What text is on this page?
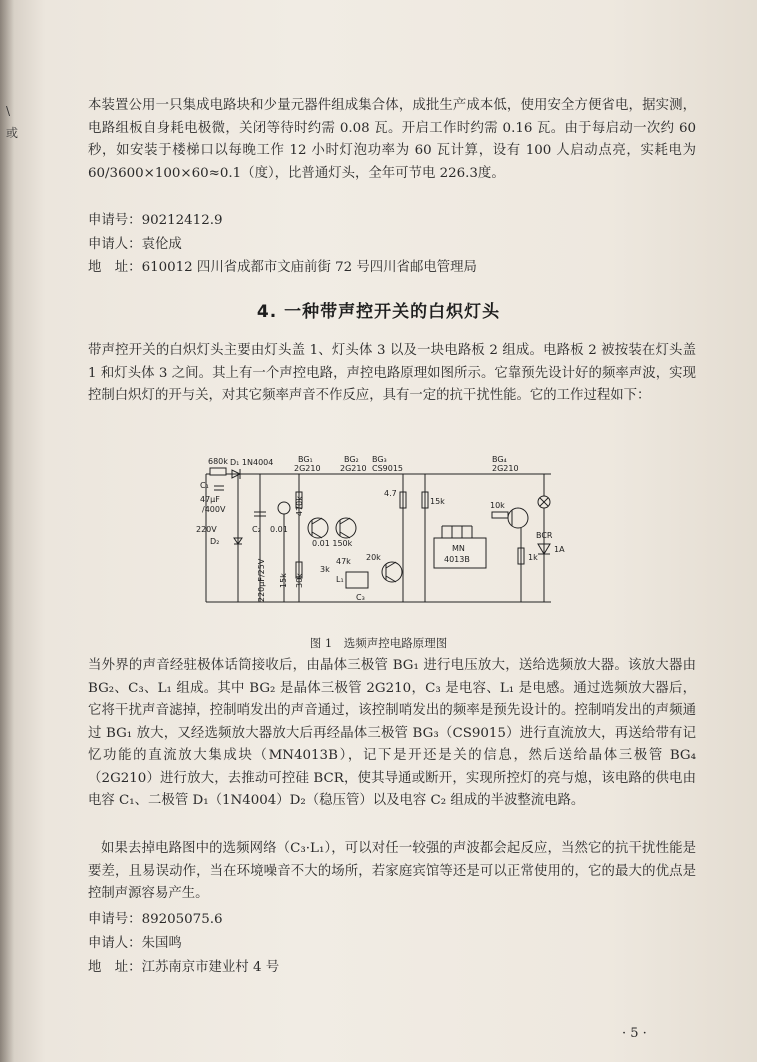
\
或

本装置公用一只集成电路块和少量元器件组成集合体，成批生产成本低，使用安全方便省电，据实测，电路组板自身耗电极微，关闭等待时约需 0.08 瓦。开启工作时约需 0.16 瓦。由于每启动一次约 60 秒，如安装于楼梯口以每晚工作 12 小时灯泡功率为 60 瓦计算，设有 100 人启动点亮，实耗电为 60/3600×100×60≈0.1（度），比普通灯头，全年可节电 226.3度。

申请号：90212412.9
申请人：袁伦成
地　址：610012 四川省成都市文庙前街 72 号四川省邮电管理局
4. 一种带声控开关的白炽灯头

带声控开关的白炽灯头主要由灯头盖 1、灯头体 3 以及一块电路板 2 组成。电路板 2 被按装在灯头盖 1 和灯头体 3 之间。其上有一个声控电路，声控电路原理如图所示。它靠预先设计好的频率声波，实现控制白炽灯的开与关，对其它频率声音不作反应，具有一定的抗干扰性能。它的工作过程如下：

680k D₁ 1N4004
C₁
47μF
/400V
220V
D₂
C₂
220μF/25V
BG₁
2G210
BG₂
2G210
BG₃
CS9015
BG₄
2G210
0.01
470k
0.01 150k
47k 20k
3k
30k
15k
4.7
15k
L₁
C₃
MN
4013B
10k
1k
BCR
1A
图 1　选频声控电路原理图

当外界的声音经驻极体话筒接收后，由晶体三极管 BG₁ 进行电压放大，送给选频放大器。该放大器由 BG₂、C₃、L₁ 组成。其中 BG₂ 是晶体三极管 2G210，C₃ 是电容、L₁ 是电感。通过选频放大器后，它将干扰声音滤掉，控制哨发出的声音通过，该控制哨发出的频率是预先设计的。控制哨发出的声频通过 BG₁ 放大，又经选频放大器放大后再经晶体三极管 BG₃（CS9015）进行直流放大，再送给带有记忆功能的直流放大集成块（MN4013B），记下是开还是关的信息，然后送给晶体三极管 BG₄（2G210）进行放大，去推动可控硅 BCR，使其导通或断开，实现所控灯的亮与熄，该电路的供电由电容 C₁、二极管 D₁（1N4004）D₂（稳压管）以及电容 C₂ 组成的半波整流电路。

如果去掉电路图中的选频网络（C₃·L₁），可以对任一较强的声波都会起反应，当然它的抗干扰性能是要差，且易误动作，当在环境噪音不大的场所，若家庭宾馆等还是可以正常使用的，它的最大的优点是控制声源容易产生。

申请号：89205075.6
申请人：朱国鸣
地　址：江苏南京市建业村 4 号
· 5 ·
